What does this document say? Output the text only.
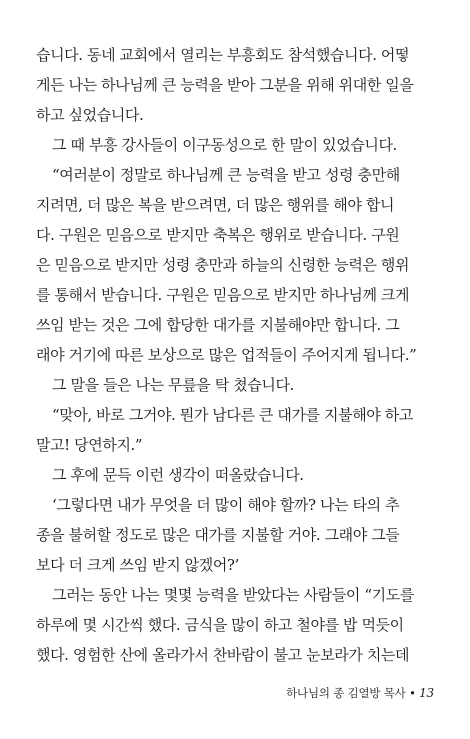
습니다. 동네 교회에서 열리는 부흥회도 참석했습니다. 어떻
게든 나는 하나님께 큰 능력을 받아 그분을 위해 위대한 일을
하고 싶었습니다.
그 때 부흥 강사들이 이구동성으로 한 말이 있었습니다.
“여러분이 정말로 하나님께 큰 능력을 받고 성령 충만해
지려면, 더 많은 복을 받으려면, 더 많은 행위를 해야 합니
다. 구원은 믿음으로 받지만 축복은 행위로 받습니다. 구원
은 믿음으로 받지만 성령 충만과 하늘의 신령한 능력은 행위
를 통해서 받습니다. 구원은 믿음으로 받지만 하나님께 크게
쓰임 받는 것은 그에 합당한 대가를 지불해야만 합니다. 그
래야 거기에 따른 보상으로 많은 업적들이 주어지게 됩니다.”
그 말을 들은 나는 무릎을 탁 쳤습니다.
“맞아, 바로 그거야. 뭔가 남다른 큰 대가를 지불해야 하고
말고! 당연하지.”
그 후에 문득 이런 생각이 떠올랐습니다.
‘그렇다면 내가 무엇을 더 많이 해야 할까? 나는 타의 추
종을 불허할 정도로 많은 대가를 지불할 거야. 그래야 그들
보다 더 크게 쓰임 받지 않겠어?’
그러는 동안 나는 몇몇 능력을 받았다는 사람들이 “기도를
하루에 몇 시간씩 했다. 금식을 많이 하고 철야를 밥 먹듯이
했다. 영험한 산에 올라가서 찬바람이 불고 눈보라가 치는데
하나님의 종 김열방 목사 • 13
